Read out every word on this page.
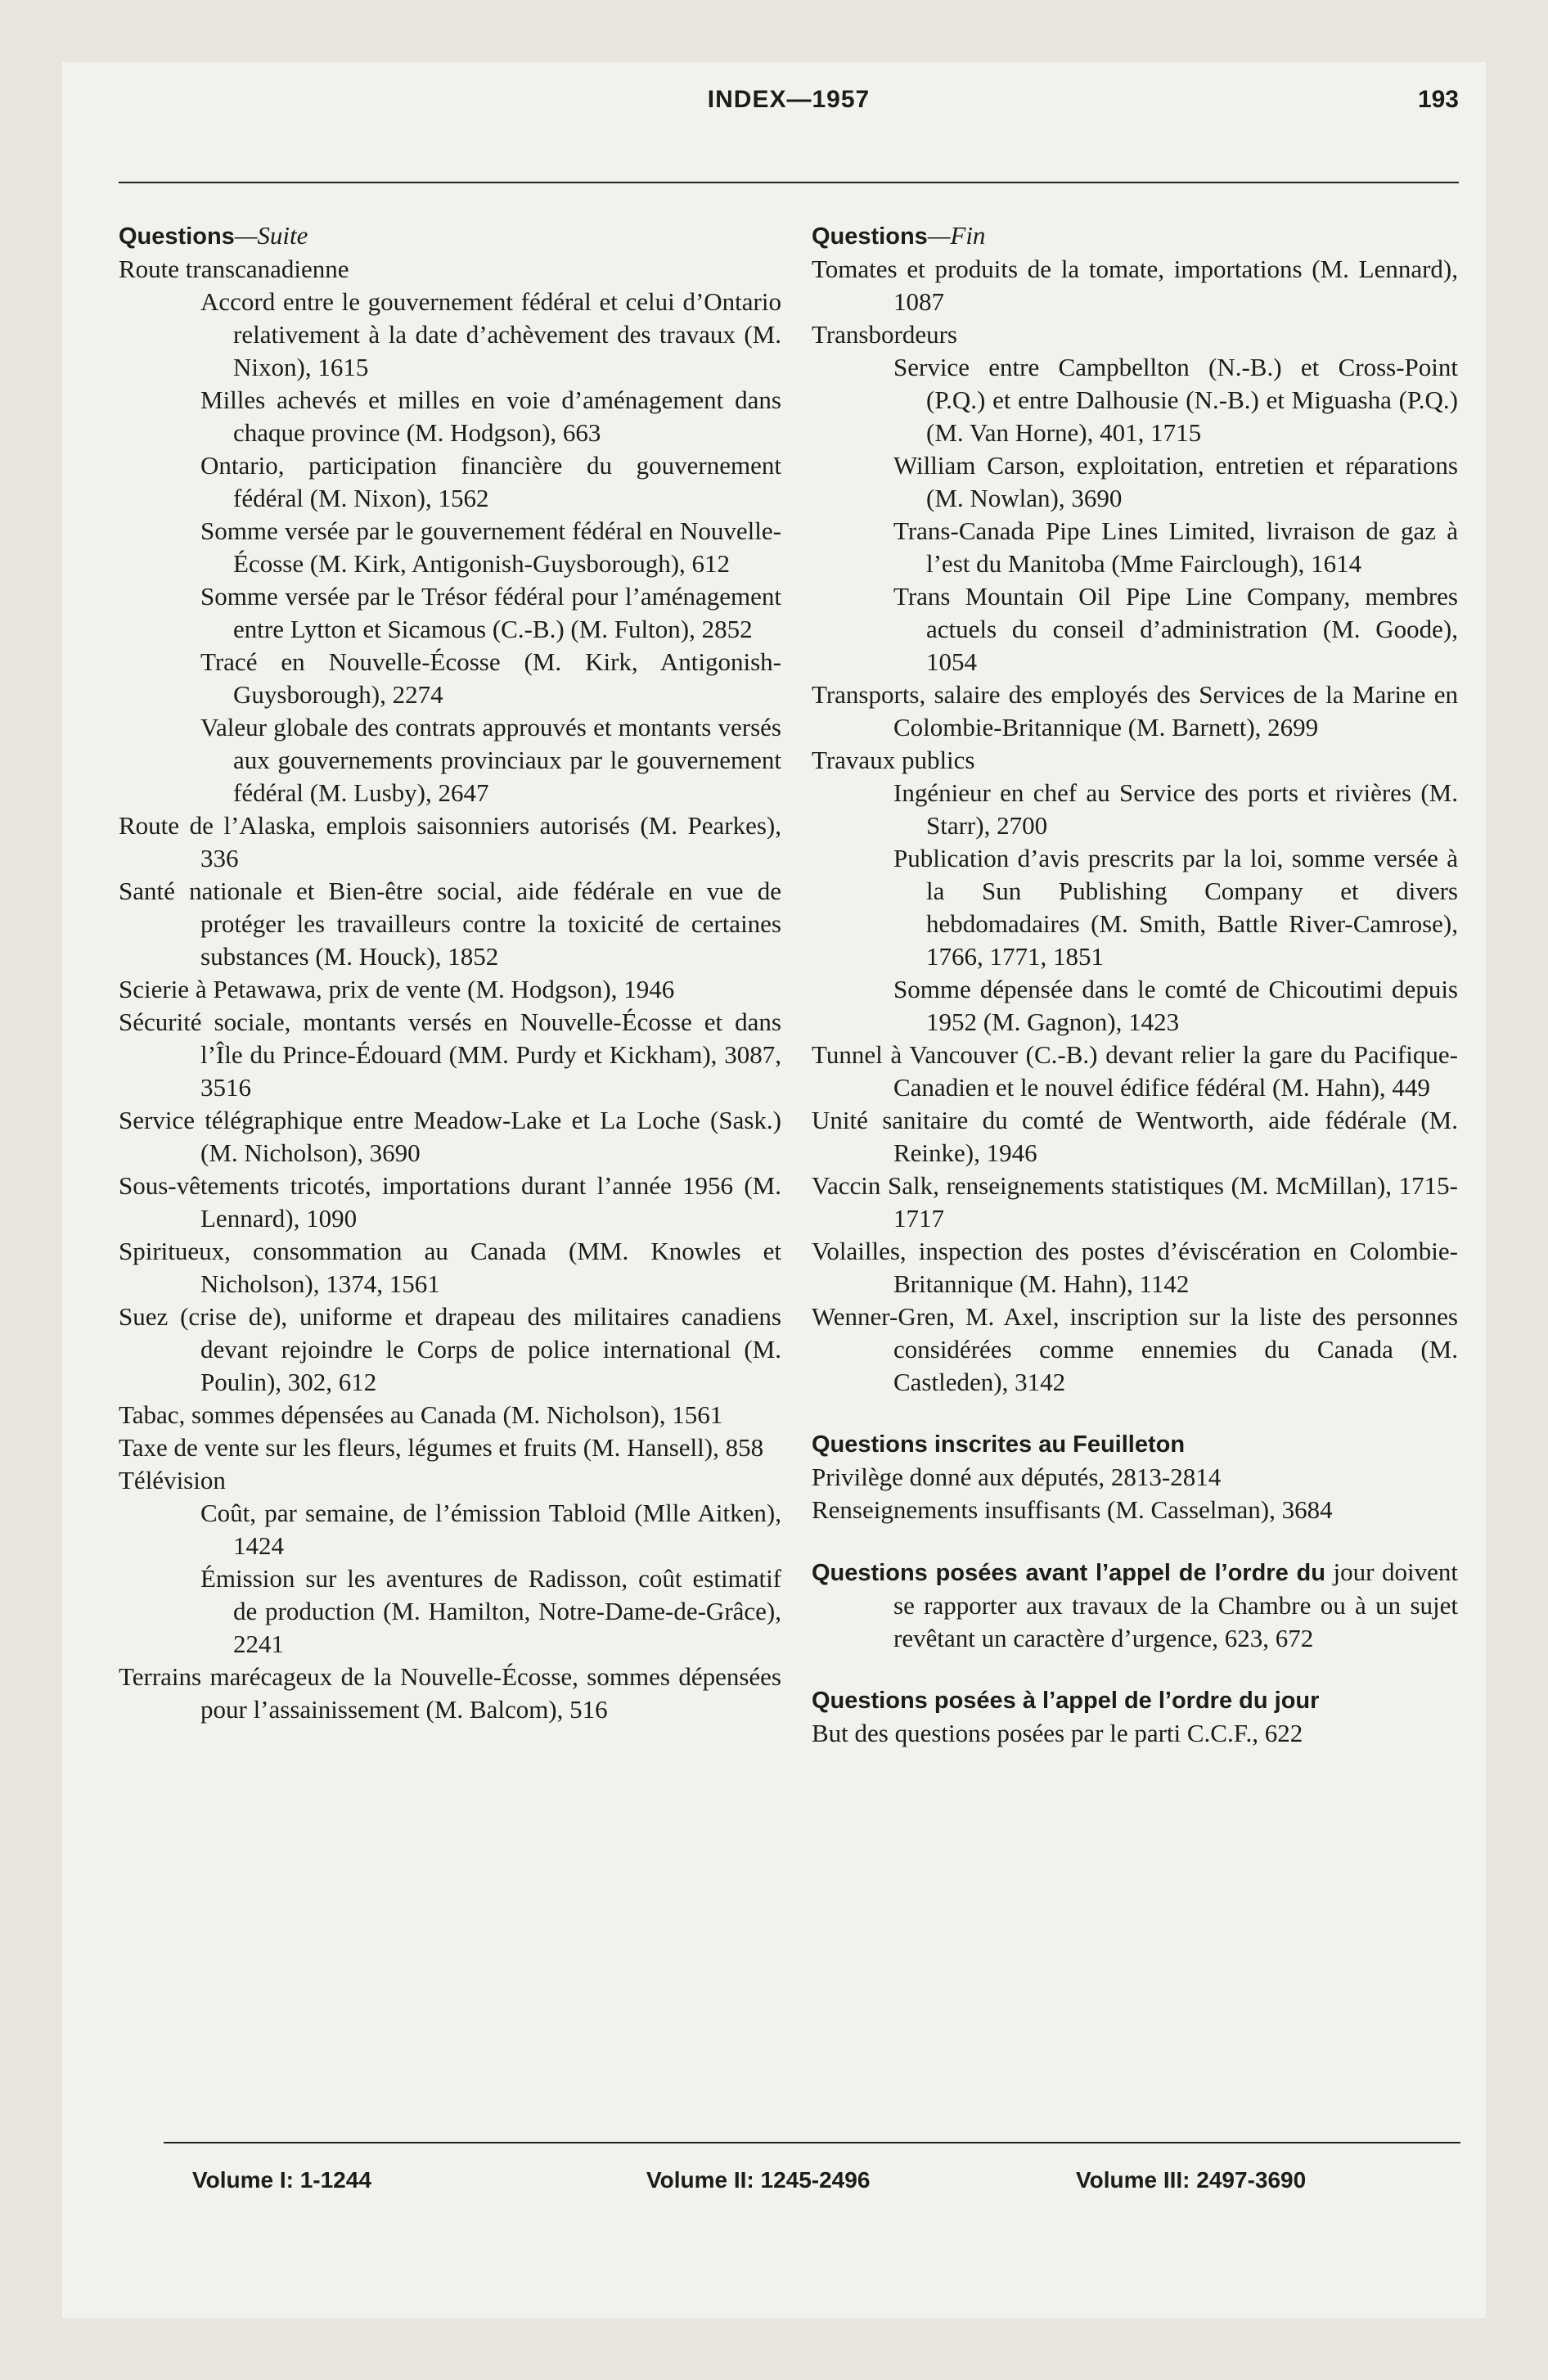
INDEX—1957	193
Questions—Suite

Route transcanadienne

Accord entre le gouvernement fédéral et celui d’Ontario relativement à la date d’achèvement des travaux (M. Nixon), 1615

Milles achevés et milles en voie d’aménagement dans chaque province (M. Hodgson), 663

Ontario, participation financière du gouvernement fédéral (M. Nixon), 1562

Somme versée par le gouvernement fédéral en Nouvelle-Écosse (M. Kirk, Antigonish-Guysborough), 612

Somme versée par le Trésor fédéral pour l’aménagement entre Lytton et Sicamous (C.-B.) (M. Fulton), 2852

Tracé en Nouvelle-Écosse (M. Kirk, Antigonish-Guysborough), 2274

Valeur globale des contrats approuvés et montants versés aux gouvernements provinciaux par le gouvernement fédéral (M. Lusby), 2647

Route de l’Alaska, emplois saisonniers autorisés (M. Pearkes), 336

Santé nationale et Bien-être social, aide fédérale en vue de protéger les travailleurs contre la toxicité de certaines substances (M. Houck), 1852

Scierie à Petawawa, prix de vente (M. Hodgson), 1946

Sécurité sociale, montants versés en Nouvelle-Écosse et dans l’Île du Prince-Édouard (MM. Purdy et Kickham), 3087, 3516

Service télégraphique entre Meadow-Lake et La Loche (Sask.) (M. Nicholson), 3690

Sous-vêtements tricotés, importations durant l’année 1956 (M. Lennard), 1090

Spiritueux, consommation au Canada (MM. Knowles et Nicholson), 1374, 1561

Suez (crise de), uniforme et drapeau des militaires canadiens devant rejoindre le Corps de police international (M. Poulin), 302, 612

Tabac, sommes dépensées au Canada (M. Nicholson), 1561

Taxe de vente sur les fleurs, légumes et fruits (M. Hansell), 858

Télévision

Coût, par semaine, de l’émission Tabloid (Mlle Aitken), 1424

Émission sur les aventures de Radisson, coût estimatif de production (M. Hamilton, Notre-Dame-de-Grâce), 2241

Terrains marécageux de la Nouvelle-Écosse, sommes dépensées pour l’assainissement (M. Balcom), 516

Questions—Fin

Tomates et produits de la tomate, importations (M. Lennard), 1087

Transbordeurs

Service entre Campbellton (N.-B.) et Cross-Point (P.Q.) et entre Dalhousie (N.-B.) et Miguasha (P.Q.) (M. Van Horne), 401, 1715

William Carson, exploitation, entretien et réparations (M. Nowlan), 3690

Trans-Canada Pipe Lines Limited, livraison de gaz à l’est du Manitoba (Mme Fairclough), 1614

Trans Mountain Oil Pipe Line Company, membres actuels du conseil d’administration (M. Goode), 1054

Transports, salaire des employés des Services de la Marine en Colombie-Britannique (M. Barnett), 2699

Travaux publics

Ingénieur en chef au Service des ports et rivières (M. Starr), 2700

Publication d’avis prescrits par la loi, somme versée à la Sun Publishing Company et divers hebdomadaires (M. Smith, Battle River-Camrose), 1766, 1771, 1851

Somme dépensée dans le comté de Chicoutimi depuis 1952 (M. Gagnon), 1423

Tunnel à Vancouver (C.-B.) devant relier la gare du Pacifique-Canadien et le nouvel édifice fédéral (M. Hahn), 449

Unité sanitaire du comté de Wentworth, aide fédérale (M. Reinke), 1946

Vaccin Salk, renseignements statistiques (M. McMillan), 1715-1717

Volailles, inspection des postes d’éviscération en Colombie-Britannique (M. Hahn), 1142

Wenner-Gren, M. Axel, inscription sur la liste des personnes considérées comme ennemies du Canada (M. Castleden), 3142

Questions inscrites au Feuilleton

Privilège donné aux députés, 2813-2814

Renseignements insuffisants (M. Casselman), 3684

Questions posées avant l’appel de l’ordre du jour doivent se rapporter aux travaux de la Chambre ou à un sujet revêtant un caractère d’urgence, 623, 672

Questions posées à l’appel de l’ordre du jour

But des questions posées par le parti C.C.F., 622

Volume I: 1-1244	Volume II: 1245-2496	Volume III: 2497-3690
